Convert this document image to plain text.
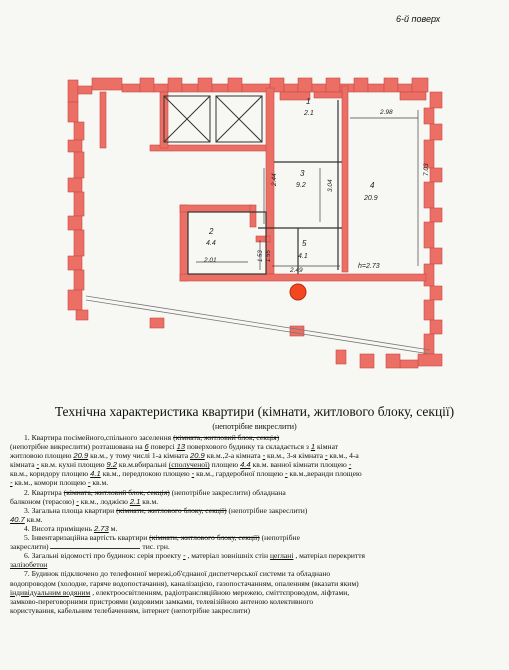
6-й поверх
1
2.1
2
4.4
3
9.2	4
20.9
5
4.1
2.98
7.03
2.44	3.04
1.53 1.55
2.01
2.49
h=2.73
Технічна характеристика квартири (кімнати, житлового блоку, секції)
(непотрібне викреслити)
1. Квартира посімейного,спільного заселення (кімната, житловий блок, секція)
(непотрібне викреслити) розташована на 6 поверсі 13 поверхового будинку та складається з 1 кімнат
житловою площею 20.9 кв.м., у тому числі 1-а кімната 20.9 кв.м.,2-а кімната - кв.м., 3-я кімната - кв.м., 4-а
кімната - кв.м. кухні площею 9.2 кв.м.вбиральні (сполученої) площею 4.4 кв.м. ванної кімнати площею -
кв.м., коридору площею 4.1 кв.м., передпокою площею - кв.м., гардеробної площею - кв.м.,веранди площею
- кв.м., комори площею - кв.м.
2. Квартира (кімната, житловий блок, секція) (непотрібне закреслити) обладнана
балконом (терасою) - кв.м., лоджією 2.1 кв.м.
3. Загальна площа квартири (кімнати, житлового блоку, секції) (непотрібне закреслити)
40.7 кв.м.
4. Висота приміщень 2.73 м.
5. Інвентаризаційна вартість квартири (кімнати, житлового блоку, секції) (непотрібне
закреслити)	тис. грн.
6. Загальні відомості про будинок: серія проекту - , матеріал зовнішніх стін цеглані , матеріал перекриття
залізобетон
7. Будинок підключено до телефонної мережі,об'єднаної диспетчерської системи та обладнано
водопроводом (холодне, гаряче водопостачання), каналізацією, газопостачанням, опаленням (вказати яким)
індивідуальним водяним , електроосвітленням, радіотрансляційною мережею, сміттєпроводом, ліфтами,
замково-переговорними пристроями (кодовими замками, телевізійною антеною колективного
користування, кабельним телебаченням, інтернет (непотрібне закреслити)
